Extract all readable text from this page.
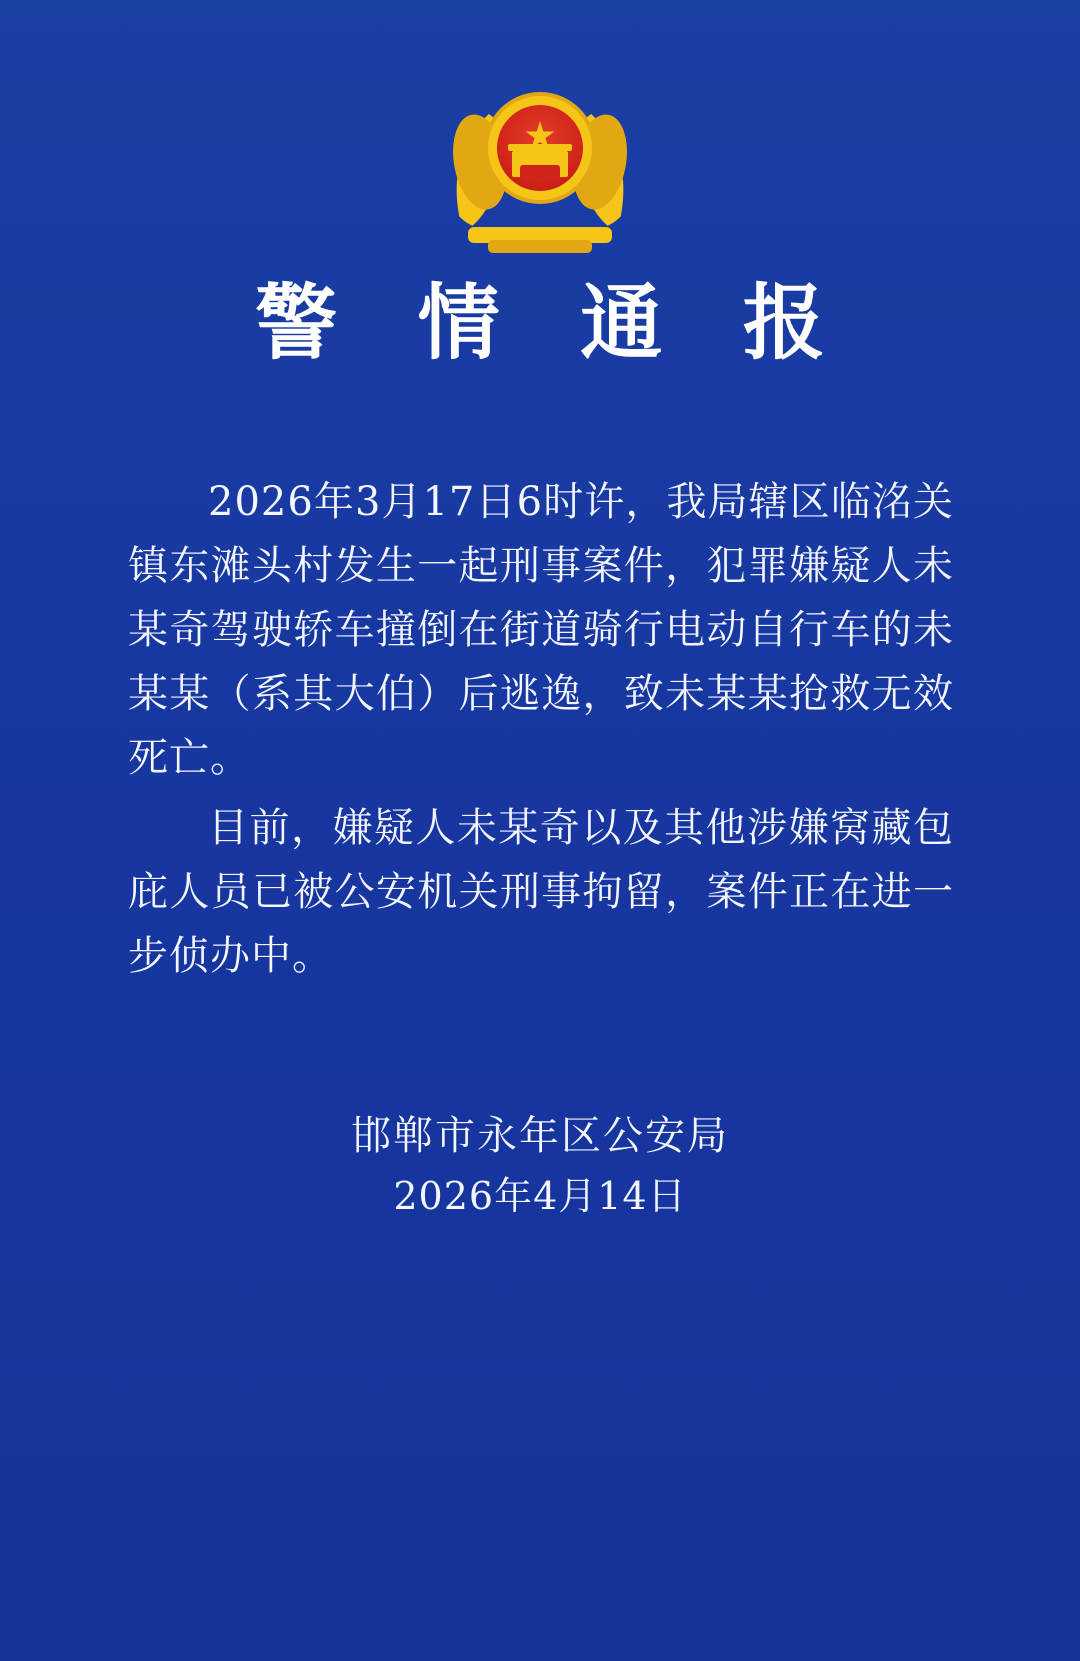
警 情 通 报

2026年3月17日6时许，我局辖区临洺关镇东滩头村发生一起刑事案件，犯罪嫌疑人未某奇驾驶轿车撞倒在街道骑行电动自行车的未某某（系其大伯）后逃逸，致未某某抢救无效死亡。

目前，嫌疑人未某奇以及其他涉嫌窝藏包庇人员已被公安机关刑事拘留，案件正在进一步侦办中。

邯郸市永年区公安局
2026年4月14日
